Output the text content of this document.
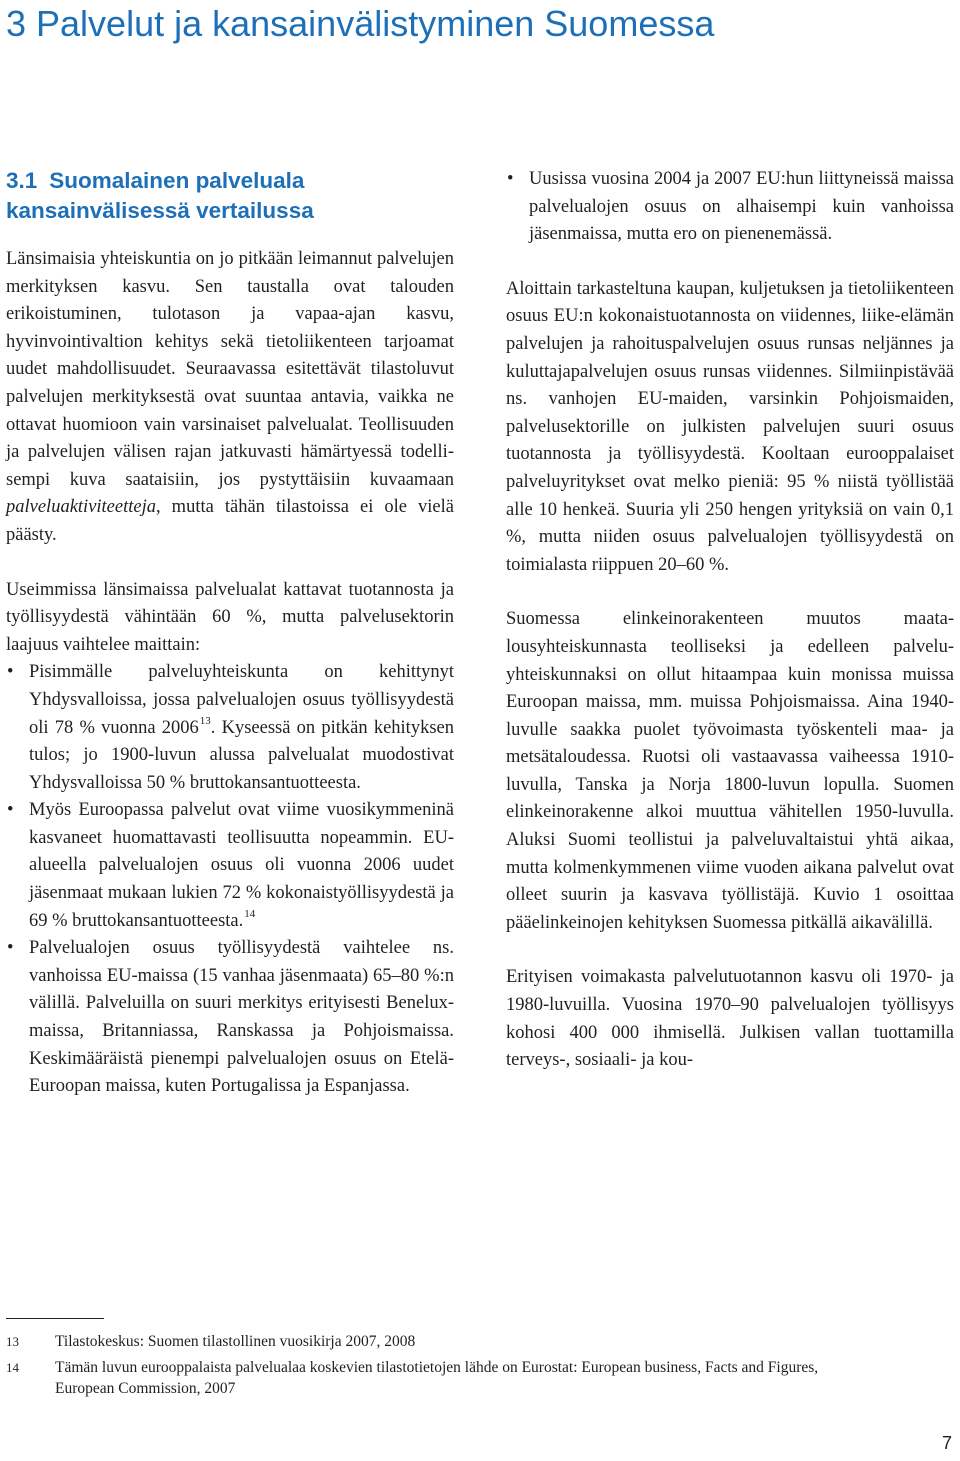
3 Palvelut ja kansainvälistyminen Suomessa
3.1 Suomalainen palveluala
kansainvälisessä vertailussa

Länsimaisia yhteiskuntia on jo pitkään leimannut palvelujen merkityksen kasvu. Sen taustalla ovat talouden erikoistuminen, tulotason ja vapaa-ajan kasvu, hyvinvointivaltion kehitys sekä tietoliikenteen tarjoamat uudet mahdollisuudet. Seuraavassa esitettävät tilastoluvut palvelujen merkityksestä ovat suuntaa antavia, vaikka ne ottavat huomioon vain varsinaiset palvelualat. Teollisuuden ja palvelujen välisen rajan jatkuvasti hämärtyessä todellisempi kuva saataisiin, jos pystyttäisiin kuvaamaan palveluaktiviteetteja, mutta tähän tilastoissa ei ole vielä päästy.

Useimmissa länsimaissa palvelualat kattavat tuotannosta ja työllisyydestä vähintään 60 %, mutta palvelusektorin laajuus vaihtelee maittain:

• Pisimmälle palveluyhteiskunta on kehittynyt Yhdysvalloissa, jossa palvelualojen osuus työllisyydestä oli 78 % vuonna 2006$^{13}$. Kyseessä on pitkän kehityksen tulos; jo 1900-luvun alussa palvelualat muodostivat Yhdysvalloissa 50 % bruttokansantuotteesta.
• Myös Euroopassa palvelut ovat viime vuosikymmeninä kasvaneet huomattavasti teollisuutta nopeammin. EU-alueella palvelualojen osuus oli vuonna 2006 uudet jäsenmaat mukaan lukien 72 % kokonaistyöllisyydestä ja 69 % bruttokansantuotteesta.$^{14}$
• Palvelualojen osuus työllisyydestä vaihtelee ns. vanhoissa EU-maissa (15 vanhaa jäsenmaata) 65–80 %:n välillä. Palveluilla on suuri merkitys erityisesti Benelux-maissa, Britanniassa, Ranskassa ja Pohjoismaissa. Keskimääräistä pienempi palvelualojen osuus on Etelä-Euroopan maissa, kuten Portugalissa ja Espanjassa.
• Uusissa vuosina 2004 ja 2007 EU:hun liittyneissä maissa palvelualojen osuus on alhaisempi kuin vanhoissa jäsenmaissa, mutta ero on pienenemässä.

Aloittain tarkasteltuna kaupan, kuljetuksen ja tietoliikenteen osuus EU:n kokonaistuotannosta on viidennes, liike-elämän palvelujen ja rahoituspalvelujen osuus runsas neljännes ja kuluttajapalvelujen osuus runsas viidennes. Silmiinpistävää ns. vanhojen EU-maiden, varsinkin Pohjoismaiden, palvelusektorille on julkisten palvelujen suuri osuus tuotannosta ja työllisyydestä. Kooltaan eurooppalaiset palveluyritykset ovat melko pieniä: 95 % niistä työllistää alle 10 henkeä. Suuria yli 250 hengen yrityksiä on vain 0,1 %, mutta niiden osuus palvelualojen työllisyydestä on toimialasta riippuen 20–60 %.

Suomessa elinkeinorakenteen muutos maatalousyhteiskunnasta teolliseksi ja edelleen palveluyhteiskunnaksi on ollut hitaampaa kuin monissa muissa Euroopan maissa, mm. muissa Pohjoismaissa. Aina 1940-luvulle saakka puolet työvoimasta työskenteli maa- ja metsätaloudessa. Ruotsi oli vastaavassa vaiheessa 1910-luvulla, Tanska ja Norja 1800-luvun lopulla. Suomen elinkeinorakenne alkoi muuttua vähitellen 1950-luvulla. Aluksi Suomi teollistui ja palveluvaltaistui yhtä aikaa, mutta kolmenkymmenen viime vuoden aikana palvelut ovat olleet suurin ja kasvava työllistäjä. Kuvio 1 osoittaa pääelinkeinojen kehityksen Suomessa pitkällä aikavälillä.

Erityisen voimakasta palvelutuotannon kasvu oli 1970- ja 1980-luvuilla. Vuosina 1970–90 palvelualojen työllisyys kohosi 400 000 ihmisellä. Julkisen vallan tuottamilla terveys-, sosiaali- ja kou-

13	Tilastokeskus: Suomen tilastollinen vuosikirja 2007, 2008
14	Tämän luvun eurooppalaista palvelualaa koskevien tilastotietojen lähde on Eurostat: European business, Facts and Figures, European Commission, 2007
7
